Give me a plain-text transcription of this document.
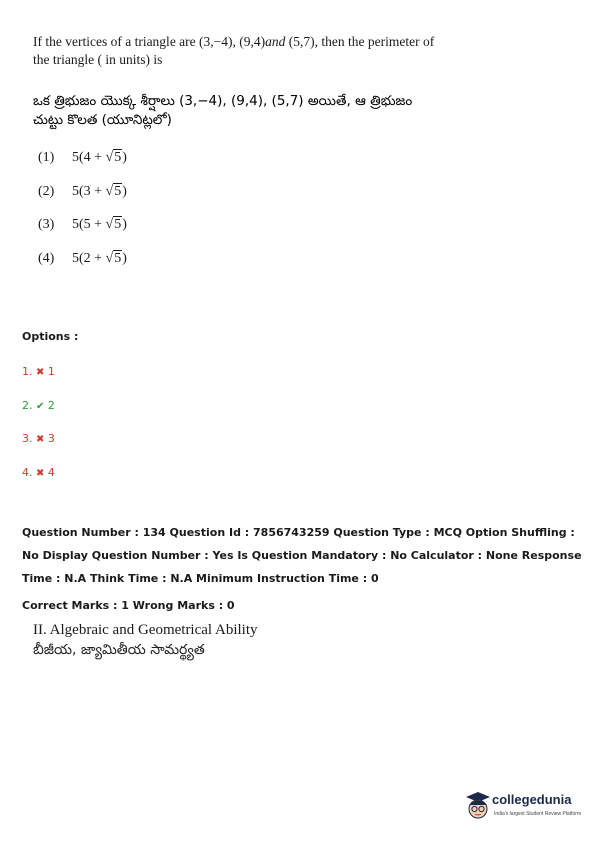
If the vertices of a triangle are (3,−4), (9,4)and (5,7), then the perimeter of the triangle ( in units) is
ఒక త్రిభుజం యొక్క శీర్షాలు (3,−4), (9,4), (5,7) అయితే, ఆ త్రిభుజం
చుట్టు కొలత (యూనిట్లలో)
(1) 5(4 + √5)
(2) 5(3 + √5)
(3) 5(5 + √5)
(4) 5(2 + √5)
Options :
1. ✖ 1
2. ✔ 2
3. ✖ 3
4. ✖ 4
Question Number : 134 Question Id : 7856743259 Question Type : MCQ Option Shuffling : No Display Question Number : Yes Is Question Mandatory : No Calculator : None Response Time : N.A Think Time : N.A Minimum Instruction Time : 0
Correct Marks : 1 Wrong Marks : 0
II. Algebraic and Geometrical Ability
బీజీయ, జ్యామితీయ సామర్థ్యత
collegedunia
India's largest Student Review Platform
